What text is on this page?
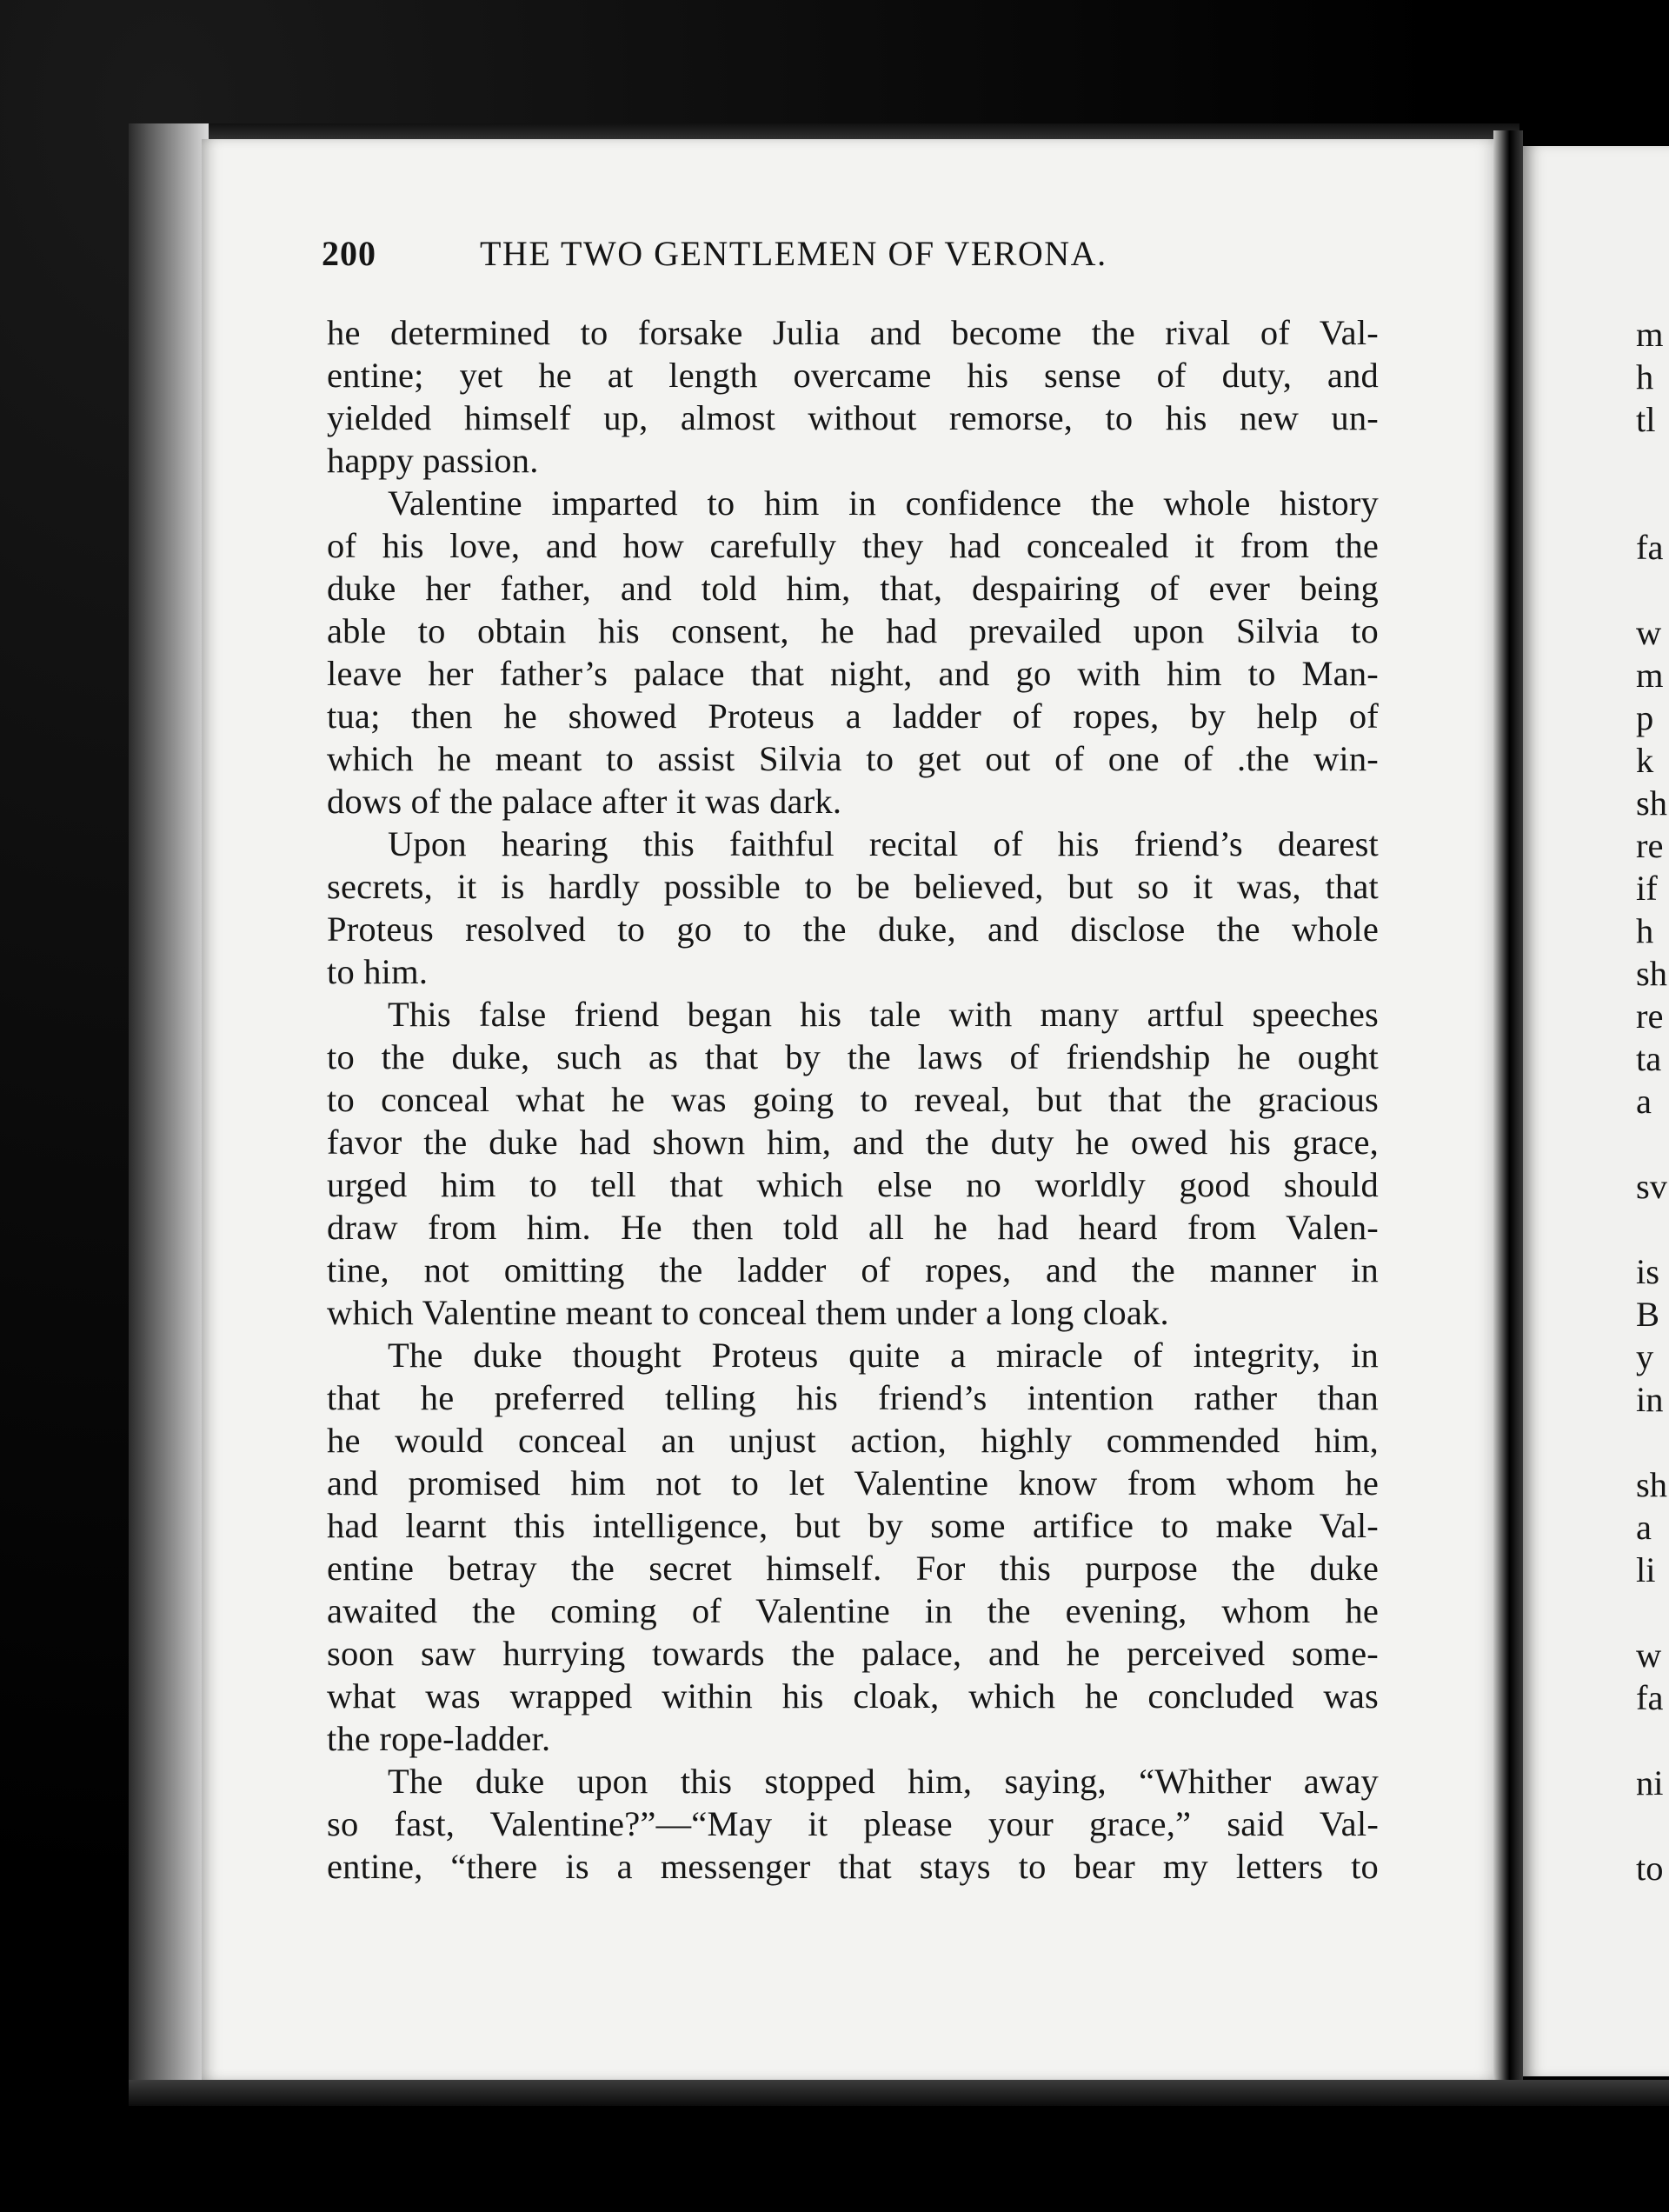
200	THE TWO GENTLEMEN OF VERONA.
he determined to forsake Julia and become the rival of Val-
entine; yet he at length overcame his sense of duty, and
yielded himself up, almost without remorse, to his new un-
happy passion.
Valentine imparted to him in confidence the whole history
of his love, and how carefully they had concealed it from the
duke her father, and told him, that, despairing of ever being
able to obtain his consent, he had prevailed upon Silvia to
leave her father’s palace that night, and go with him to Man-
tua; then he showed Proteus a ladder of ropes, by help of
which he meant to assist Silvia to get out of one of .the win-
dows of the palace after it was dark.
Upon hearing this faithful recital of his friend’s dearest
secrets, it is hardly possible to be believed, but so it was, that
Proteus resolved to go to the duke, and disclose the whole
to him.
This false friend began his tale with many artful speeches
to the duke, such as that by the laws of friendship he ought
to conceal what he was going to reveal, but that the gracious
favor the duke had shown him, and the duty he owed his grace,
urged him to tell that which else no worldly good should
draw from him. He then told all he had heard from Valen-
tine, not omitting the ladder of ropes, and the manner in
which Valentine meant to conceal them under a long cloak.
The duke thought Proteus quite a miracle of integrity, in
that he preferred telling his friend’s intention rather than
he would conceal an unjust action, highly commended him,
and promised him not to let Valentine know from whom he
had learnt this intelligence, but by some artifice to make Val-
entine betray the secret himself. For this purpose the duke
awaited the coming of Valentine in the evening, whom he
soon saw hurrying towards the palace, and he perceived some-
what was wrapped within his cloak, which he concluded was
the rope-ladder.
The duke upon this stopped him, saying, “Whither away
so fast, Valentine?”—“May it please your grace,” said Val-
entine, “there is a messenger that stays to bear my letters to
m
h
tl
fa
w
m
p
k
sh
re
if
h
sh
re
ta
a
sv
is
B
y
in
sh
a
li
w
fa
ni
to
